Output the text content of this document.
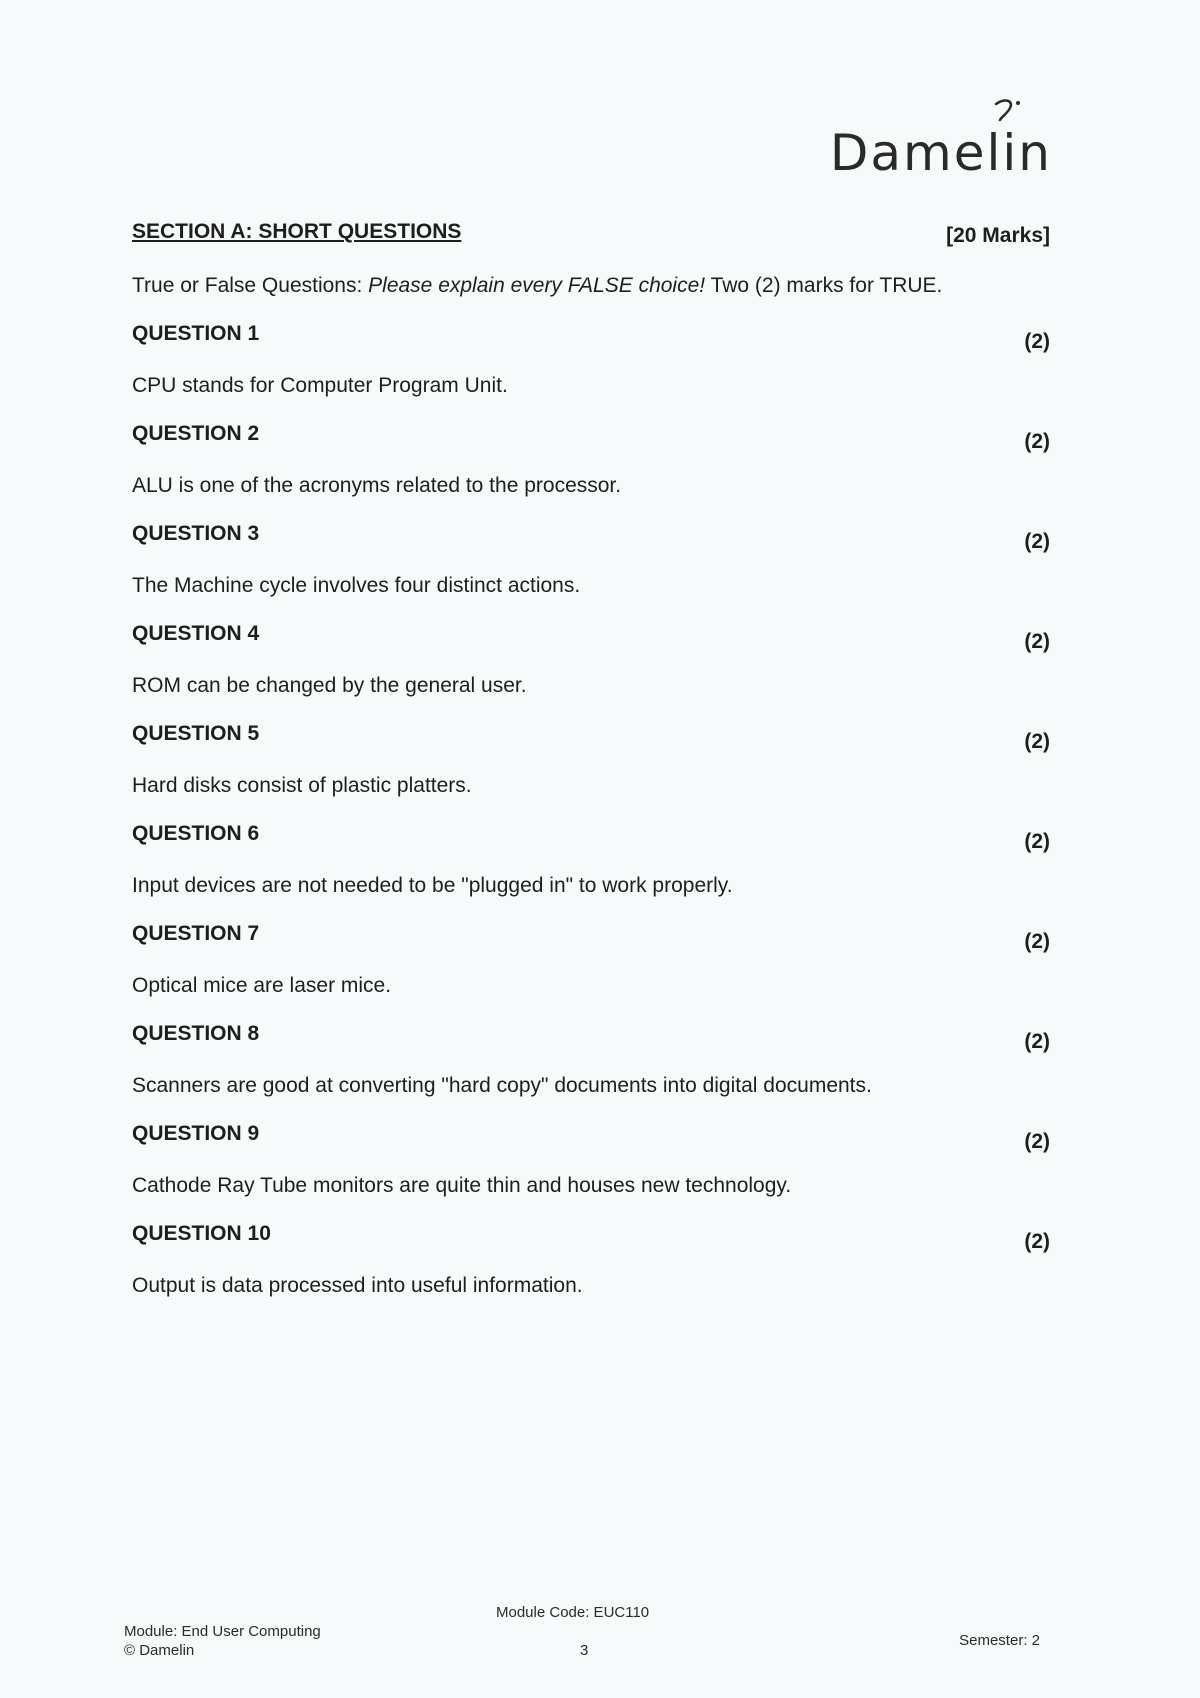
Damelin
SECTION A: SHORT QUESTIONS	[20 Marks]
True or False Questions: Please explain every FALSE choice! Two (2) marks for TRUE.
QUESTION 1	(2)
CPU stands for Computer Program Unit.
QUESTION 2	(2)
ALU is one of the acronyms related to the processor.
QUESTION 3	(2)
The Machine cycle involves four distinct actions.
QUESTION 4	(2)
ROM can be changed by the general user.
QUESTION 5	(2)
Hard disks consist of plastic platters.
QUESTION 6	(2)
Input devices are not needed to be "plugged in" to work properly.
QUESTION 7	(2)
Optical mice are laser mice.
QUESTION 8	(2)
Scanners are good at converting "hard copy" documents into digital documents.
QUESTION 9	(2)
Cathode Ray Tube monitors are quite thin and houses new technology.
QUESTION 10	(2)
Output is data processed into useful information.
Module: End User Computing
© Damelin
Module Code: EUC110
3
Semester: 2
